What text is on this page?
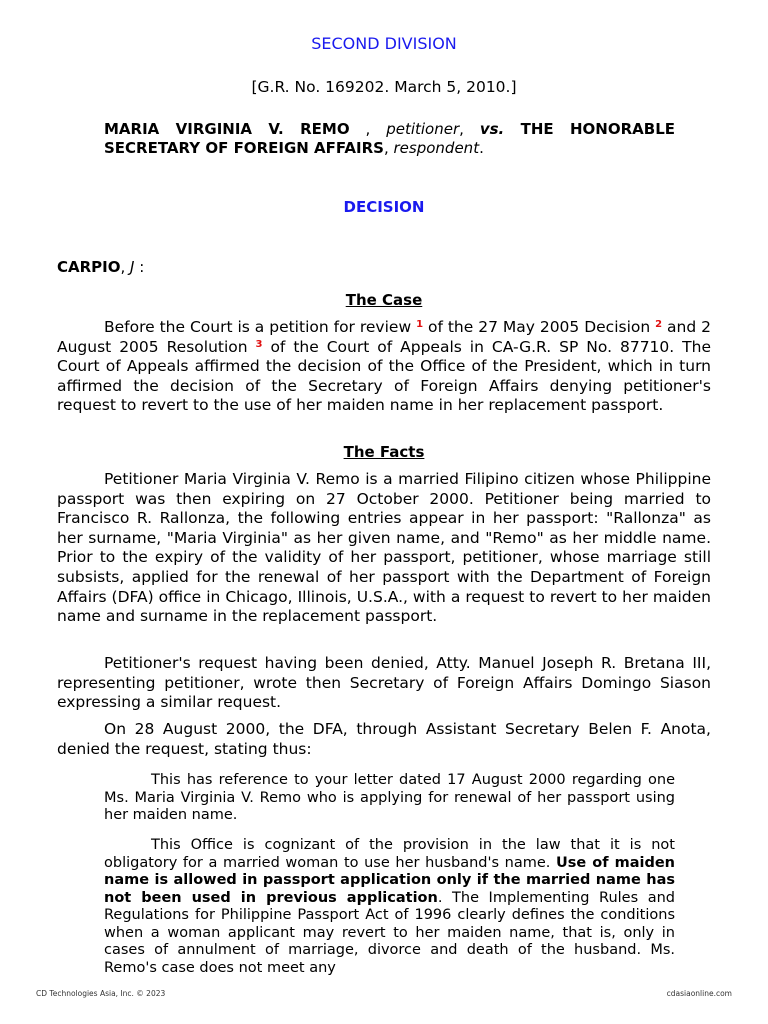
SECOND DIVISION
[G.R. No. 169202. March 5, 2010.]
MARIA VIRGINIA V. REMO , petitioner, vs. THE HONORABLE SECRETARY OF FOREIGN AFFAIRS, respondent.
DECISION
CARPIO, J :
The Case

Before the Court is a petition for review $^1$ of the 27 May 2005 Decision $^2$ and 2 August 2005 Resolution $^3$ of the Court of Appeals in CA-G.R. SP No. 87710. The Court of Appeals affirmed the decision of the Office of the President, which in turn affirmed the decision of the Secretary of Foreign Affairs denying petitioner's request to revert to the use of her maiden name in her replacement passport.

The Facts

Petitioner Maria Virginia V. Remo is a married Filipino citizen whose Philippine passport was then expiring on 27 October 2000. Petitioner being married to Francisco R. Rallonza, the following entries appear in her passport: "Rallonza" as her surname, "Maria Virginia" as her given name, and "Remo" as her middle name. Prior to the expiry of the validity of her passport, petitioner, whose marriage still subsists, applied for the renewal of her passport with the Department of Foreign Affairs (DFA) office in Chicago, Illinois, U.S.A., with a request to revert to her maiden name and surname in the replacement passport.

Petitioner's request having been denied, Atty. Manuel Joseph R. Bretana III, representing petitioner, wrote then Secretary of Foreign Affairs Domingo Siason expressing a similar request.

On 28 August 2000, the DFA, through Assistant Secretary Belen F. Anota, denied the request, stating thus:

This has reference to your letter dated 17 August 2000 regarding one Ms. Maria Virginia V. Remo who is applying for renewal of her passport using her maiden name.

This Office is cognizant of the provision in the law that it is not obligatory for a married woman to use her husband's name. Use of maiden name is allowed in passport application only if the married name has not been used in previous application. The Implementing Rules and Regulations for Philippine Passport Act of 1996 clearly defines the conditions when a woman applicant may revert to her maiden name, that is, only in cases of annulment of marriage, divorce and death of the husband. Ms. Remo's case does not meet any

CD Technologies Asia, Inc. © 2023	cdasiaonline.com
